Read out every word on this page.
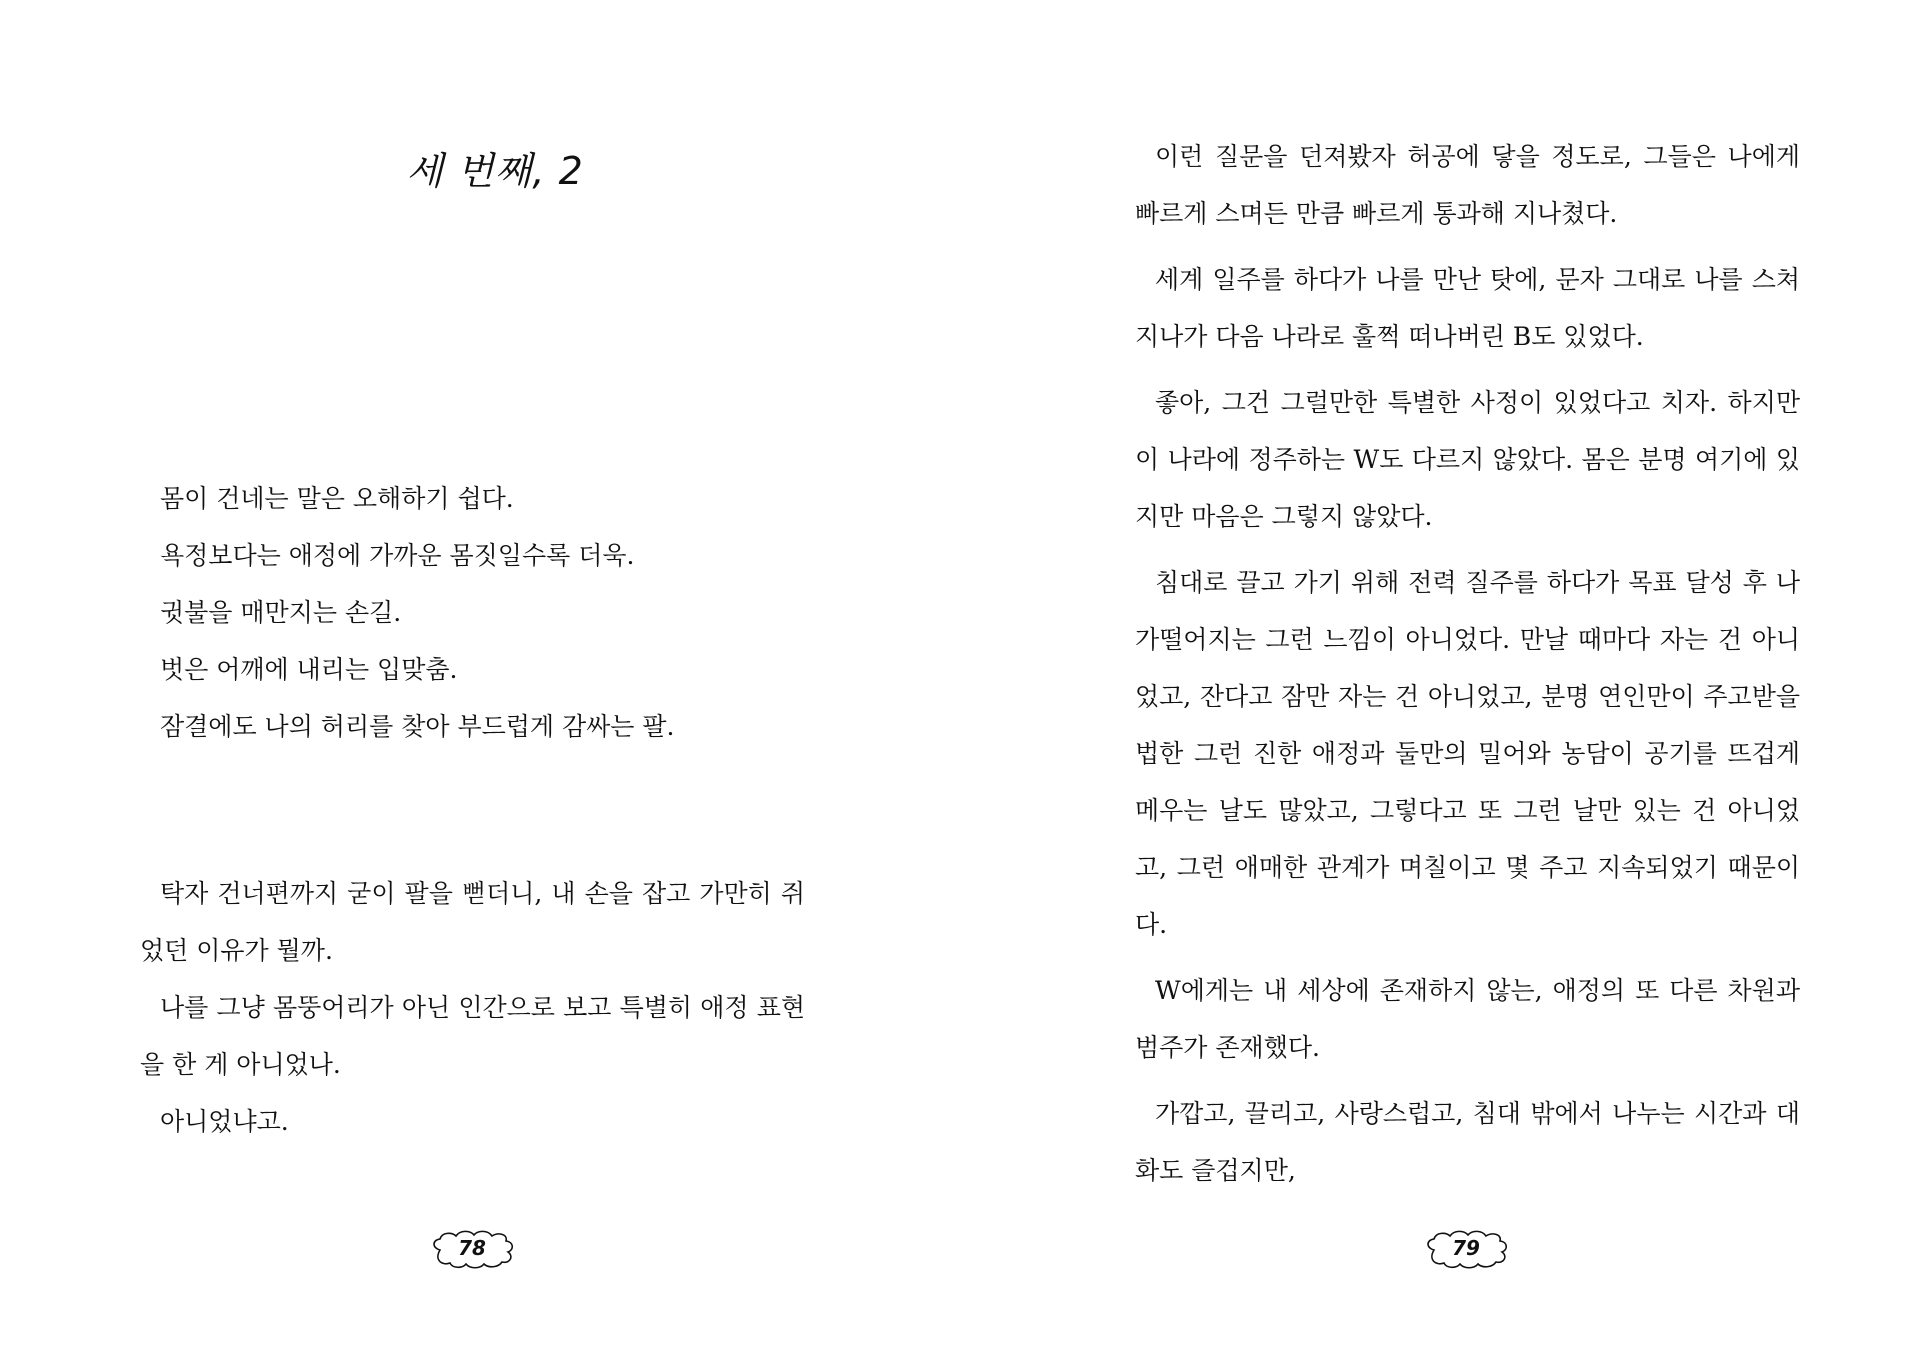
세 번째, 2

몸이 건네는 말은 오해하기 쉽다.

욕정보다는 애정에 가까운 몸짓일수록 더욱.

귓불을 매만지는 손길.

벗은 어깨에 내리는 입맞춤.

잠결에도 나의 허리를 찾아 부드럽게 감싸는 팔.

탁자 건너편까지 굳이 팔을 뻗더니, 내 손을 잡고 가만히 쥐었던 이유가 뭘까.

나를 그냥 몸뚱어리가 아닌 인간으로 보고 특별히 애정 표현을 한 게 아니었나.

아니었냐고.

78

이런 질문을 던져봤자 허공에 닿을 정도로, 그들은 나에게 빠르게 스며든 만큼 빠르게 통과해 지나쳤다.

세계 일주를 하다가 나를 만난 탓에, 문자 그대로 나를 스쳐 지나가 다음 나라로 훌쩍 떠나버린 B도 있었다.

좋아, 그건 그럴만한 특별한 사정이 있었다고 치자. 하지만 이 나라에 정주하는 W도 다르지 않았다. 몸은 분명 여기에 있지만 마음은 그렇지 않았다.

침대로 끌고 가기 위해 전력 질주를 하다가 목표 달성 후 나가떨어지는 그런 느낌이 아니었다. 만날 때마다 자는 건 아니었고, 잔다고 잠만 자는 건 아니었고, 분명 연인만이 주고받을 법한 그런 진한 애정과 둘만의 밀어와 농담이 공기를 뜨겁게 메우는 날도 많았고, 그렇다고 또 그런 날만 있는 건 아니었고, 그런 애매한 관계가 며칠이고 몇 주고 지속되었기 때문이다.

W에게는 내 세상에 존재하지 않는, 애정의 또 다른 차원과 범주가 존재했다.

가깝고, 끌리고, 사랑스럽고, 침대 밖에서 나누는 시간과 대화도 즐겁지만,

79
